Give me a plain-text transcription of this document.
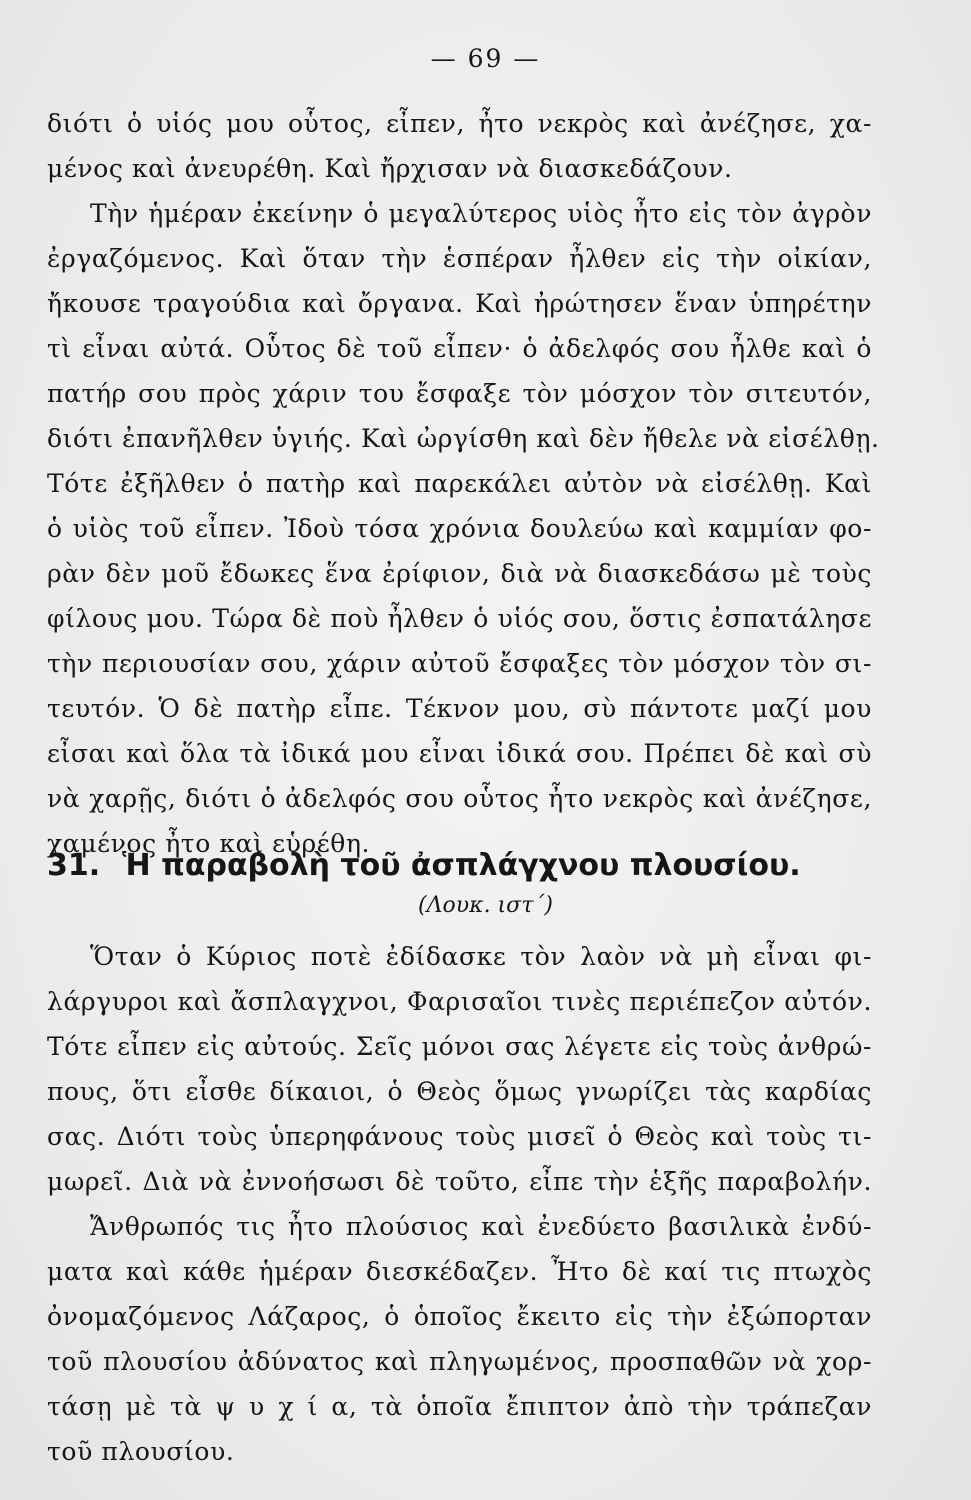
— 69 —
διότι ὁ υἱός μου οὗτος, εἶπεν, ἦτο νεκρὸς καὶ ἀνέζησε, χα-
μένος καὶ ἀνευρέθη. Καὶ ἤρχισαν νὰ διασκεδάζουν.
Τὴν ἡμέραν ἐκείνην ὁ μεγαλύτερος υἱὸς ἦτο εἰς τὸν ἀγρὸν
ἐργαζόμενος. Καὶ ὅταν τὴν ἑσπέραν ἦλθεν εἰς τὴν οἰκίαν,
ἤκουσε τραγούδια καὶ ὄργανα. Καὶ ἠρώτησεν ἕναν ὑπηρέτην
τὶ εἶναι αὐτά. Οὗτος δὲ τοῦ εἶπεν· ὁ ἀδελφός σου ἦλθε καὶ ὁ
πατήρ σου πρὸς χάριν του ἔσφαξε τὸν μόσχον τὸν σιτευτόν,
διότι ἐπανῆλθεν ὑγιής. Καὶ ὠργίσθη καὶ δὲν ἤθελε νὰ εἰσέλθῃ.
Τότε ἐξῆλθεν ὁ πατὴρ καὶ παρεκάλει αὐτὸν νὰ εἰσέλθῃ. Καὶ
ὁ υἱὸς τοῦ εἶπεν. Ἰδοὺ τόσα χρόνια δουλεύω καὶ καμμίαν φο-
ρὰν δὲν μοῦ ἔδωκες ἕνα ἐρίφιον, διὰ νὰ διασκεδάσω μὲ τοὺς
φίλους μου. Τώρα δὲ ποὺ ἦλθεν ὁ υἱός σου, ὅστις ἐσπατάλησε
τὴν περιουσίαν σου, χάριν αὐτοῦ ἔσφαξες τὸν μόσχον τὸν σι-
τευτόν. Ὁ δὲ πατὴρ εἶπε. Τέκνον μου, σὺ πάντοτε μαζί μου
εἶσαι καὶ ὅλα τὰ ἰδικά μου εἶναι ἰδικά σου. Πρέπει δὲ καὶ σὺ
νὰ χαρῇς, διότι ὁ ἀδελφός σου οὗτος ἦτο νεκρὸς καὶ ἀνέζησε,
χαμένος ἦτο καὶ εὑρέθη.
31. Ἡ παραβολὴ τοῦ ἀσπλάγχνου πλουσίου.
(Λουκ. ιστ΄)
Ὅταν ὁ Κύριος ποτὲ ἐδίδασκε τὸν λαὸν νὰ μὴ εἶναι φι-
λάργυροι καὶ ἄσπλαγχνοι, Φαρισαῖοι τινὲς περιέπεζον αὐτόν.
Τότε εἶπεν εἰς αὐτούς. Σεῖς μόνοι σας λέγετε εἰς τοὺς ἀνθρώ-
πους, ὅτι εἶσθε δίκαιοι, ὁ Θεὸς ὅμως γνωρίζει τὰς καρδίας
σας. Διότι τοὺς ὑπερηφάνους τοὺς μισεῖ ὁ Θεὸς καὶ τοὺς τι-
μωρεῖ. Διὰ νὰ ἐννοήσωσι δὲ τοῦτο, εἶπε τὴν ἑξῆς παραβολήν.
Ἄνθρωπός τις ἦτο πλούσιος καὶ ἐνεδύετο βασιλικὰ ἐνδύ-
ματα καὶ κάθε ἡμέραν διεσκέδαζεν. Ἦτο δὲ καί τις πτωχὸς
ὀνομαζόμενος Λάζαρος, ὁ ὁποῖος ἔκειτο εἰς τὴν ἐξώπορταν
τοῦ πλουσίου ἀδύνατος καὶ πληγωμένος, προσπαθῶν νὰ χορ-
τάσῃ μὲ τὰ ψ υ χ ί α, τὰ ὁποῖα ἔπιπτον ἀπὸ τὴν τράπεζαν
τοῦ πλουσίου.
